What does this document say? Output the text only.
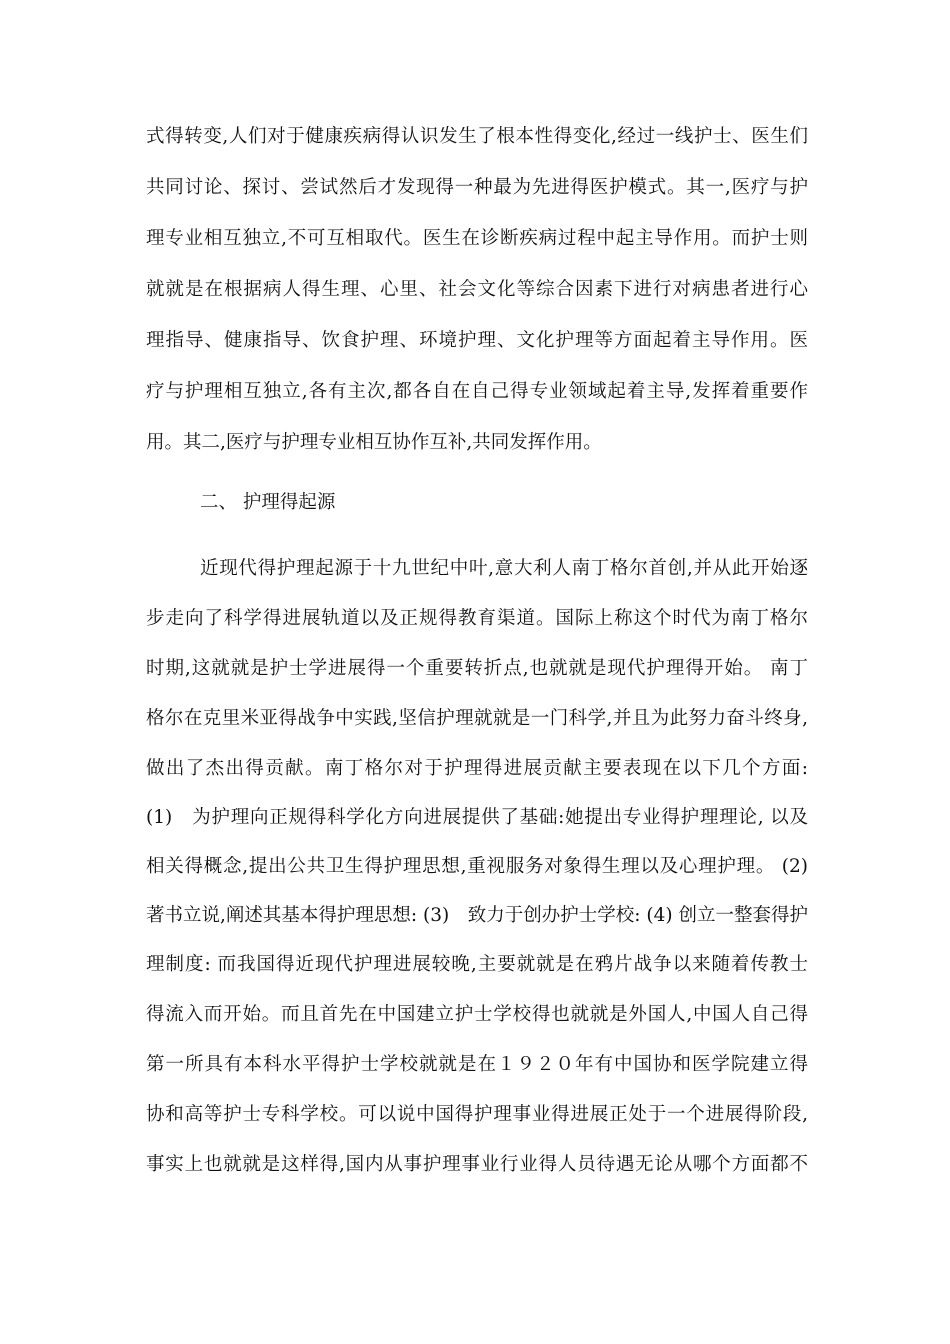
式得转变,人们对于健康疾病得认识发生了根本性得变化,经过一线护士、医生们
共同讨论、探讨、尝试然后才发现得一种最为先进得医护模式。其一,医疗与护
理专业相互独立,不可互相取代。医生在诊断疾病过程中起主导作用。而护士则
就就是在根据病人得生理、心里、社会文化等综合因素下进行对病患者进行心
理指导、健康指导、饮食护理、环境护理、文化护理等方面起着主导作用。医
疗与护理相互独立,各有主次,都各自在自己得专业领域起着主导,发挥着重要作
用。其二,医疗与护理专业相互协作互补,共同发挥作用。
二、 护理得起源
近现代得护理起源于十九世纪中叶,意大利人南丁格尔首创,并从此开始逐
步走向了科学得进展轨道以及正规得教育渠道。国际上称这个时代为南丁格尔
时期,这就就是护士学进展得一个重要转折点,也就就是现代护理得开始。 南丁
格尔在克里米亚得战争中实践,坚信护理就就是一门科学,并且为此努力奋斗终身,
做出了杰出得贡献。南丁格尔对于护理得进展贡献主要表现在以下几个方面:
(1)　为护理向正规得科学化方向进展提供了基础:她提出专业得护理理论, 以及
相关得概念,提出公共卫生得护理思想,重视服务对象得生理以及心理护理。 (2)
著书立说,阐述其基本得护理思想: (3)　致力于创办护士学校: (4) 创立一整套得护
理制度: 而我国得近现代护理进展较晚,主要就就是在鸦片战争以来随着传教士
得流入而开始。而且首先在中国建立护士学校得也就就是外国人,中国人自己得
第一所具有本科水平得护士学校就就是在１９２０年有中国协和医学院建立得
协和高等护士专科学校。可以说中国得护理事业得进展正处于一个进展得阶段,
事实上也就就是这样得,国内从事护理事业行业得人员待遇无论从哪个方面都不
